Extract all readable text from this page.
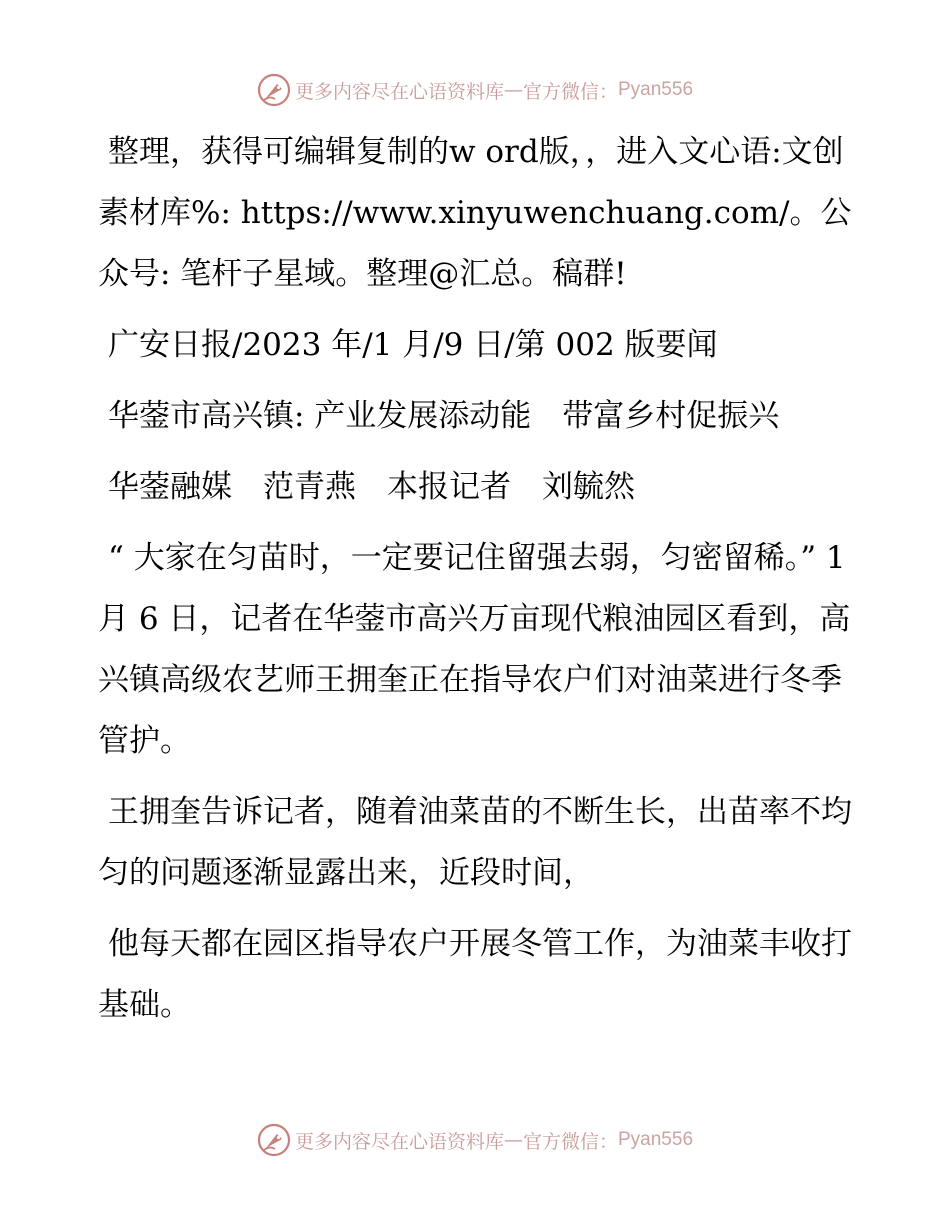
更多内容尽在心语资料库 — 官方微信： Pyan556

整理，获得可编辑复制的w ord版，，进入文心语:文创素材库%: https://www.xinyuwenchuang.com/。公众号: 笔杆子星域。整理@汇总。稿群!

广安日报/2023 年/1 月/9 日/第 002 版要闻

华蓥市高兴镇: 产业发展添动能　带富乡村促振兴

华蓥融媒　范青燕　本报记者　刘毓然

“ 大家在匀苗时，一定要记住留强去弱，匀密留稀。” 1 月 6 日，记者在华蓥市高兴万亩现代粮油园区看到，高兴镇高级农艺师王拥奎正在指导农户们对油菜进行冬季管护。

王拥奎告诉记者，随着油菜苗的不断生长，出苗率不均匀的问题逐渐显露出来，近段时间，

他每天都在园区指导农户开展冬管工作，为油菜丰收打基础。

更多内容尽在心语资料库 — 官方微信： Pyan556
